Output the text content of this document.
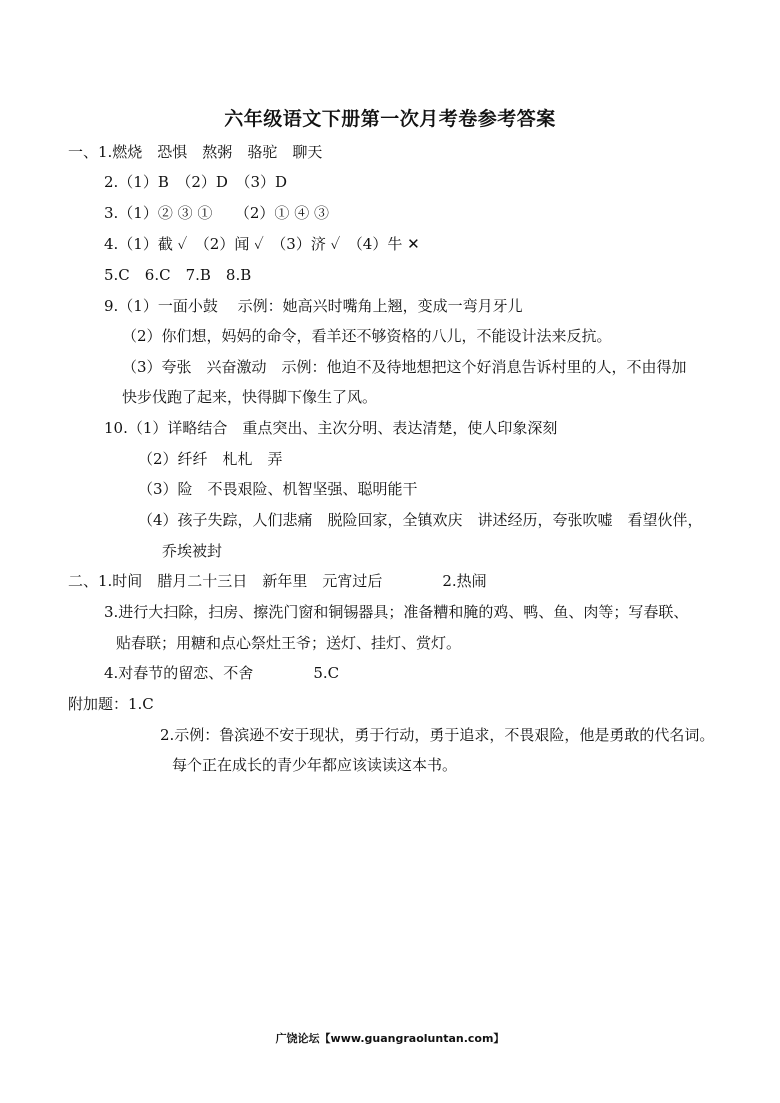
六年级语文下册第一次月考卷参考答案
一、1.燃烧　恐惧　熬粥　骆驼　聊天
2.（1）B　（2）D　（3）D
3.（1）② ③ ①　　（2）① ④ ③
4.（1）截 ✓　（2）闻 ✓　（3）济 ✓　（4）牛 ✕
5.C　6.C　7.B　8.B
9.（1）一面小鼓　 示例：她高兴时嘴角上翘，变成一弯月牙儿
（2）你们想，妈妈的命令，看羊还不够资格的八儿，不能设计法来反抗。
（3）夸张　兴奋激动　示例：他迫不及待地想把这个好消息告诉村里的人，不由得加
快步伐跑了起来，快得脚下像生了风。
10.（1）详略结合　重点突出、主次分明、表达清楚，使人印象深刻
（2）纤纤　札札　弄
（3）险　不畏艰险、机智坚强、聪明能干
（4）孩子失踪，人们悲痛　脱险回家，全镇欢庆　讲述经历，夸张吹嘘　看望伙伴，
乔埃被封
二、1.时间　腊月二十三日　新年里　元宵过后　　　　2.热闹
3.进行大扫除，扫房、擦洗门窗和铜锡器具；准备糟和腌的鸡、鸭、鱼、肉等；写春联、
贴春联；用糖和点心祭灶王爷；送灯、挂灯、赏灯。
4.对春节的留恋、不舍　　　　5.C
附加题：1.C
2.示例：鲁滨逊不安于现状，勇于行动，勇于追求，不畏艰险，他是勇敢的代名词。
每个正在成长的青少年都应该读读这本书。
广饶论坛【www.guangraoluntan.com】
